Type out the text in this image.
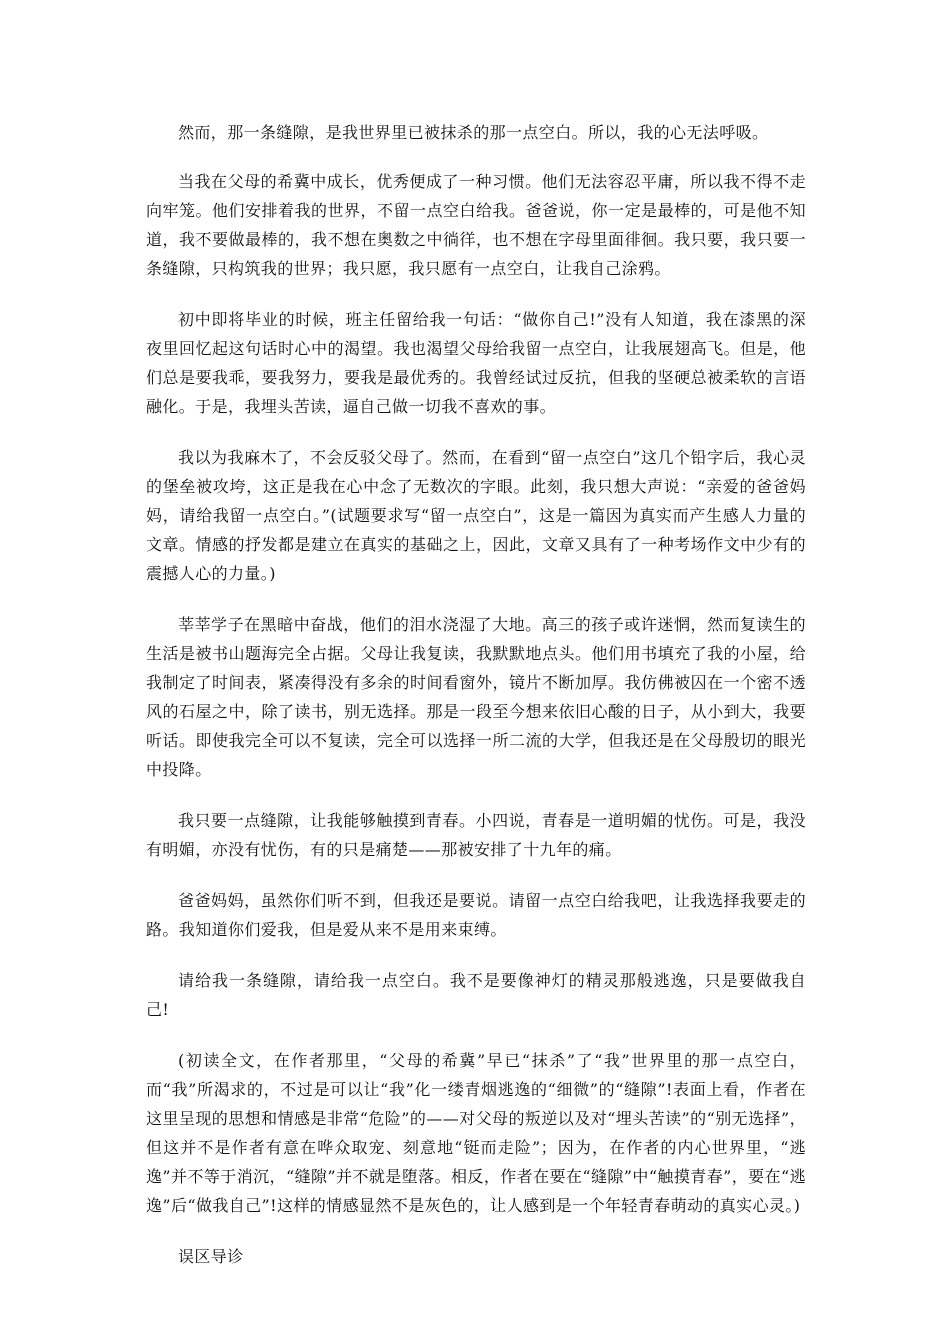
然而，那一条缝隙，是我世界里已被抹杀的那一点空白。所以，我的心无法呼吸。

当我在父母的希冀中成长，优秀便成了一种习惯。他们无法容忍平庸，所以我不得不走向牢笼。他们安排着我的世界，不留一点空白给我。爸爸说，你一定是最棒的，可是他不知道，我不要做最棒的，我不想在奥数之中徜徉，也不想在字母里面徘徊。我只要，我只要一条缝隙，只构筑我的世界；我只愿，我只愿有一点空白，让我自己涂鸦。

初中即将毕业的时候，班主任留给我一句话：“做你自己!”没有人知道，我在漆黑的深夜里回忆起这句话时心中的渴望。我也渴望父母给我留一点空白，让我展翅高飞。但是，他们总是要我乖，要我努力，要我是最优秀的。我曾经试过反抗，但我的坚硬总被柔软的言语融化。于是，我埋头苦读，逼自己做一切我不喜欢的事。

我以为我麻木了，不会反驳父母了。然而，在看到“留一点空白”这几个铅字后，我心灵的堡垒被攻垮，这正是我在心中念了无数次的字眼。此刻，我只想大声说：“亲爱的爸爸妈妈，请给我留一点空白。”(试题要求写“留一点空白”，这是一篇因为真实而产生感人力量的文章。情感的抒发都是建立在真实的基础之上，因此，文章又具有了一种考场作文中少有的震撼人心的力量。)

莘莘学子在黑暗中奋战，他们的泪水浇湿了大地。高三的孩子或许迷惘，然而复读生的生活是被书山题海完全占据。父母让我复读，我默默地点头。他们用书填充了我的小屋，给我制定了时间表，紧凑得没有多余的时间看窗外，镜片不断加厚。我仿佛被囚在一个密不透风的石屋之中，除了读书，别无选择。那是一段至今想来依旧心酸的日子，从小到大，我要听话。即使我完全可以不复读，完全可以选择一所二流的大学，但我还是在父母殷切的眼光中投降。

我只要一点缝隙，让我能够触摸到青春。小四说，青春是一道明媚的忧伤。可是，我没有明媚，亦没有忧伤，有的只是痛楚——那被安排了十九年的痛。

爸爸妈妈，虽然你们听不到，但我还是要说。请留一点空白给我吧，让我选择我要走的路。我知道你们爱我，但是爱从来不是用来束缚。

请给我一条缝隙，请给我一点空白。我不是要像神灯的精灵那般逃逸，只是要做我自己!

(初读全文，在作者那里，“父母的希冀”早已“抹杀”了“我”世界里的那一点空白，而“我”所渴求的，不过是可以让“我”化一缕青烟逃逸的“细微”的“缝隙”!表面上看，作者在这里呈现的思想和情感是非常“危险”的——对父母的叛逆以及对“埋头苦读”的“别无选择”，但这并不是作者有意在哗众取宠、刻意地“铤而走险”；因为，在作者的内心世界里，“逃逸”并不等于消沉，“缝隙”并不就是堕落。相反，作者在要在“缝隙”中“触摸青春”，要在“逃逸”后“做我自己”!这样的情感显然不是灰色的，让人感到是一个年轻青春萌动的真实心灵。)

误区导诊
